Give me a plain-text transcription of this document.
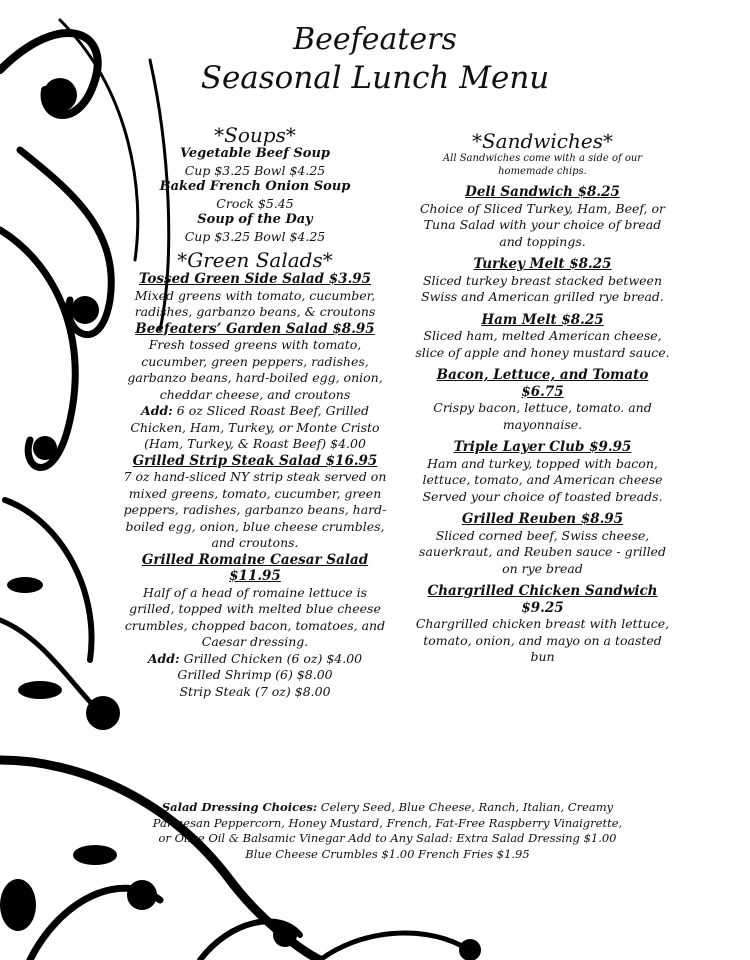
Beefeaters
Seasonal Lunch Menu

*Soups*

Vegetable Beef Soup

Cup $3.25 Bowl $4.25

Baked French Onion Soup

Crock $5.45

Soup of the Day

Cup $3.25 Bowl $4.25

*Green Salads*

Tossed Green Side Salad $3.95

Mixed greens with tomato, cucumber, radishes, garbanzo beans, & croutons

Beefeaters’ Garden Salad $8.95

Fresh tossed greens with tomato, cucumber, green peppers, radishes, garbanzo beans, hard-boiled egg, onion, cheddar cheese, and croutons

Add: 6 oz Sliced Roast Beef, Grilled Chicken, Ham, Turkey, or Monte Cristo (Ham, Turkey, & Roast Beef) $4.00

Grilled Strip Steak Salad $16.95

7 oz hand-sliced NY strip steak served on mixed greens, tomato, cucumber, green peppers, radishes, garbanzo beans, hard-boiled egg, onion, blue cheese crumbles, and croutons.

Grilled Romaine Caesar Salad

$11.95

Half of a head of romaine lettuce is grilled, topped with melted blue cheese crumbles, chopped bacon, tomatoes, and Caesar dressing.

Add: Grilled Chicken (6 oz) $4.00

Grilled Shrimp (6) $8.00

Strip Steak (7 oz) $8.00

*Sandwiches*

All Sandwiches come with a side of our homemade chips.

Deli Sandwich $8.25

Choice of Sliced Turkey, Ham, Beef, or Tuna Salad with your choice of bread and toppings.

Turkey Melt $8.25

Sliced turkey breast stacked between Swiss and American grilled rye bread.

Ham Melt $8.25

Sliced ham, melted American cheese, slice of apple and honey mustard sauce.

Bacon, Lettuce, and Tomato $6.75

Crispy bacon, lettuce, tomato. and mayonnaise.

Triple Layer Club $9.95

Ham and turkey, topped with bacon, lettuce, tomato, and American cheese Served your choice of toasted breads.

Grilled Reuben $8.95

Sliced corned beef, Swiss cheese, sauerkraut, and Reuben sauce - grilled on rye bread

Chargrilled Chicken Sandwich

$9.25

Chargrilled chicken breast with lettuce, tomato, onion, and mayo on a toasted bun

Salad Dressing Choices: Celery Seed, Blue Cheese, Ranch, Italian, Creamy Parmesan Peppercorn, Honey Mustard, French, Fat-Free Raspberry Vinaigrette, or Olive Oil & Balsamic Vinegar Add to Any Salad: Extra Salad Dressing $1.00 Blue Cheese Crumbles $1.00 French Fries $1.95
